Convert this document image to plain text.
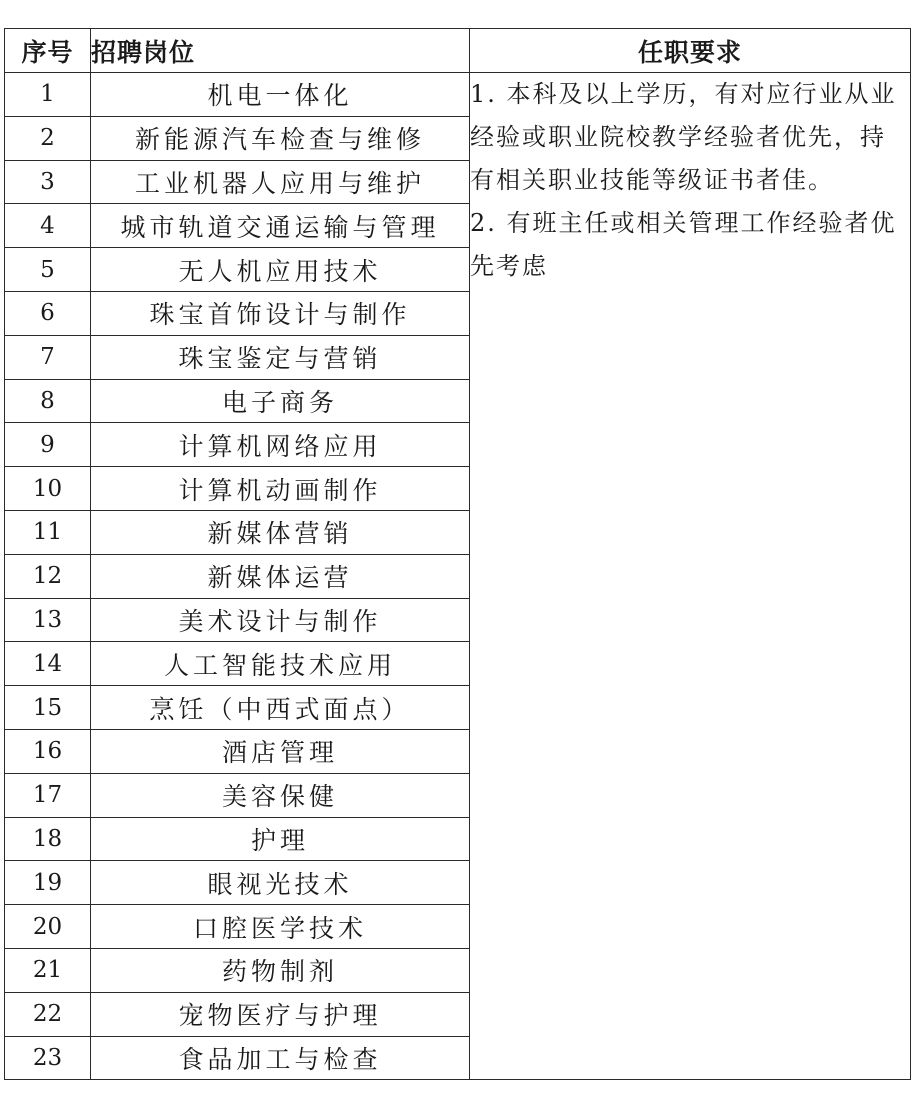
序号	招聘岗位	任职要求
1	机电一体化	1. 本科及以上学历，有对应行业从业经验或职业院校教学经验者优先，持有相关职业技能等级证书者佳。

2. 有班主任或相关管理工作经验者优先考虑

2	新能源汽车检查与维修	
3	工业机器人应用与维护	
4	城市轨道交通运输与管理	
5	无人机应用技术	
6	珠宝首饰设计与制作	
7	珠宝鉴定与营销	
8	电子商务	
9	计算机网络应用	
10	计算机动画制作	
11	新媒体营销	
12	新媒体运营	
13	美术设计与制作	
14	人工智能技术应用	
15	烹饪（中西式面点）	
16	酒店管理	
17	美容保健	
18	护理	
19	眼视光技术	
20	口腔医学技术	
21	药物制剂	
22	宠物医疗与护理	
23	食品加工与检查	
